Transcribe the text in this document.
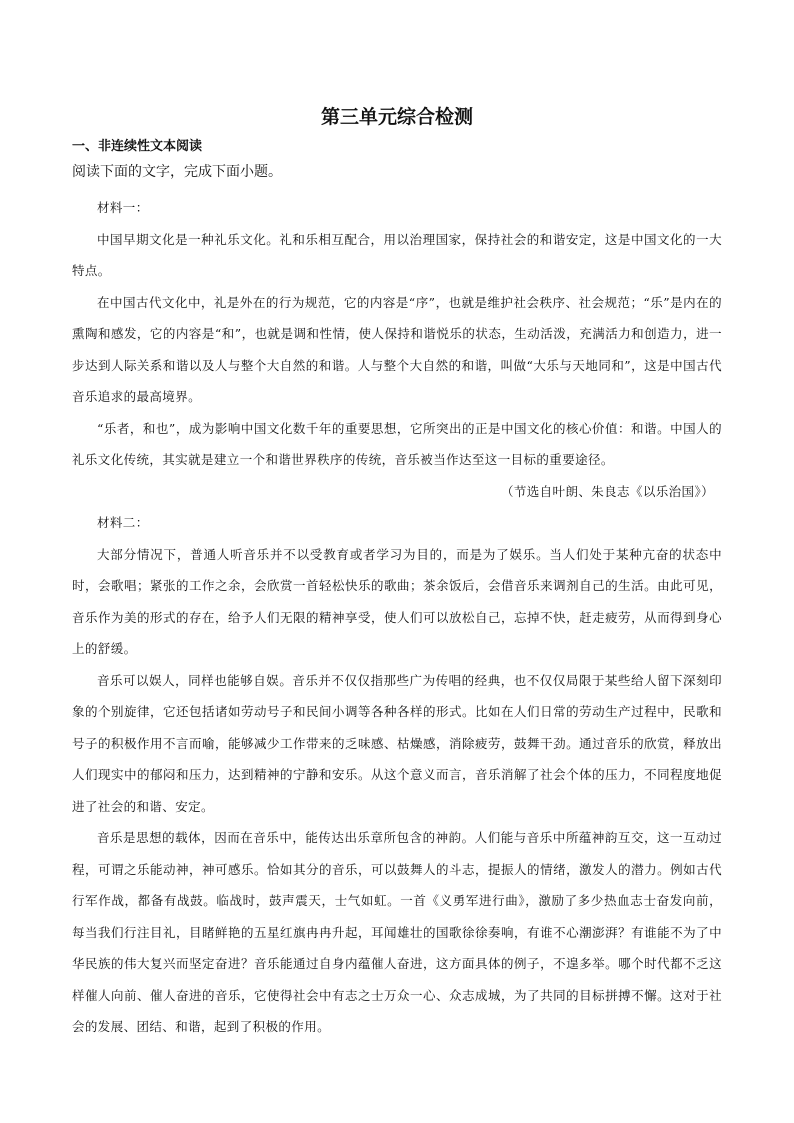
第三单元综合检测
一、非连续性文本阅读
阅读下面的文字，完成下面小题。

材料一：

中国早期文化是一种礼乐文化。礼和乐相互配合，用以治理国家，保持社会的和谐安定，这是中国文化的一大特点。

在中国古代文化中，礼是外在的行为规范，它的内容是“序”，也就是维护社会秩序、社会规范；“乐”是内在的熏陶和感发，它的内容是“和”，也就是调和性情，使人保持和谐悦乐的状态，生动活泼，充满活力和创造力，进一步达到人际关系和谐以及人与整个大自然的和谐。人与整个大自然的和谐，叫做“大乐与天地同和”，这是中国古代音乐追求的最高境界。

“乐者，和也”，成为影响中国文化数千年的重要思想，它所突出的正是中国文化的核心价值：和谐。中国人的礼乐文化传统，其实就是建立一个和谐世界秩序的传统，音乐被当作达至这一目标的重要途径。

（节选自叶朗、朱良志《以乐治国》）

材料二：

大部分情况下，普通人听音乐并不以受教育或者学习为目的，而是为了娱乐。当人们处于某种亢奋的状态中时，会歌唱；紧张的工作之余，会欣赏一首轻松快乐的歌曲；茶余饭后，会借音乐来调剂自己的生活。由此可见，音乐作为美的形式的存在，给予人们无限的精神享受，使人们可以放松自己，忘掉不快，赶走疲劳，从而得到身心上的舒缓。

音乐可以娱人，同样也能够自娱。音乐并不仅仅指那些广为传唱的经典，也不仅仅局限于某些给人留下深刻印象的个别旋律，它还包括诸如劳动号子和民间小调等各种各样的形式。比如在人们日常的劳动生产过程中，民歌和号子的积极作用不言而喻，能够减少工作带来的乏味感、枯燥感，消除疲劳，鼓舞干劲。通过音乐的欣赏，释放出人们现实中的郁闷和压力，达到精神的宁静和安乐。从这个意义而言，音乐消解了社会个体的压力，不同程度地促进了社会的和谐、安定。

音乐是思想的载体，因而在音乐中，能传达出乐章所包含的神韵。人们能与音乐中所蕴神韵互交，这一互动过程，可谓之乐能动神，神可感乐。恰如其分的音乐，可以鼓舞人的斗志，提振人的情绪，激发人的潜力。例如古代行军作战，都备有战鼓。临战时，鼓声震天，士气如虹。一首《义勇军进行曲》，激励了多少热血志士奋发向前，每当我们行注目礼，目睹鲜艳的五星红旗冉冉升起，耳闻雄壮的国歌徐徐奏响，有谁不心潮澎湃？有谁能不为了中华民族的伟大复兴而坚定奋进？音乐能通过自身内蕴催人奋进，这方面具体的例子，不遑多举。哪个时代都不乏这样催人向前、催人奋进的音乐，它使得社会中有志之士万众一心、众志成城，为了共同的目标拼搏不懈。这对于社会的发展、团结、和谐，起到了积极的作用。
